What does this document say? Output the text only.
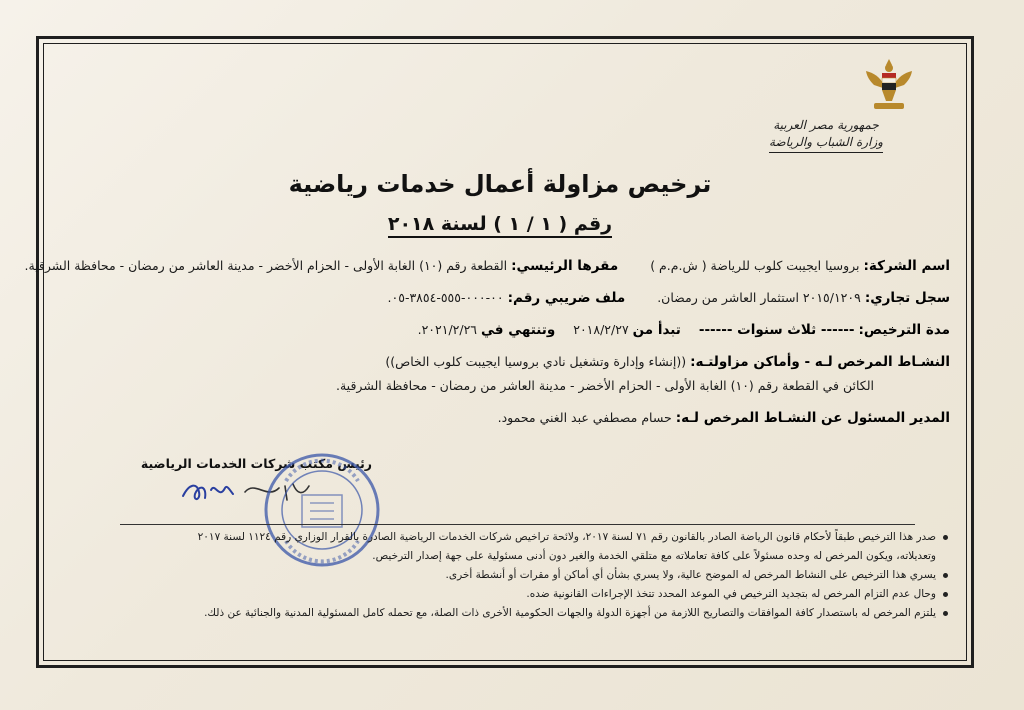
جمهورية مصر العربية
وزارة الشباب والرياضة
ترخيص مزاولة أعمال خدمات رياضية
رقم ( ١ / ١ ) لسنة ٢٠١٨
اسم الشركة: بروسيا ايجيبت كلوب للرياضة ( ش.م.م ) مقرها الرئيسي: القطعة رقم (١٠) الغابة الأولى - الحزام الأخضر - مدينة العاشر من رمضان - محافظة الشرقية.
سجل تجاري: ٢٠١٥/١٢٠٩ استثمار العاشر من رمضان. ملف ضريبي رقم: ٠٠-٠٠٠-٥٥٥-٣٨٥٤-٠٥.
مدة الترخيص: ------ ثلاث سنوات ------ تبدأ من ٢٠١٨/٢/٢٧ وتنتهي في ٢٠٢١/٢/٢٦.
النشـاط المرخص لـه - وأماكن مزاولتـه: ((إنشاء وإدارة وتشغيل نادي بروسيا ايجيبت كلوب الخاص))
الكائن في القطعة رقم (١٠) الغابة الأولى - الحزام الأخضر - مدينة العاشر من رمضان - محافظة الشرقية.
المدير المسئول عن النشـاط المرخص لـه: حسام مصطفي عبد الغني محمود.
رئيس مكتب شركات الخدمات الرياضية
صدر هذا الترخيص طبقاً لأحكام قانون الرياضة الصادر بالقانون رقم ٧١ لسنة ٢٠١٧، ولائحة تراخيص شركات الخدمات الرياضية الصادرة بالقرار الوزاري رقم ١١٢٤ لسنة ٢٠١٧
وتعديلاته، ويكون المرخص له وحده مسئولاً على كافة تعاملاته مع متلقي الخدمة والغير دون أدنى مسئولية على جهة إصدار الترخيص.
يسري هذا الترخيص على النشاط المرخص له الموضح عالية، ولا يسري بشأن أي أماكن أو مقرات أو أنشطة أخرى.
وحال عدم التزام المرخص له بتجديد الترخيص في الموعد المحدد تتخذ الإجراءات القانونية ضده.
يلتزم المرخص له باستصدار كافة الموافقات والتصاريح اللازمة من أجهزة الدولة والجهات الحكومية الأخرى ذات الصلة، مع تحمله كامل المسئولية المدنية والجنائية عن ذلك.
